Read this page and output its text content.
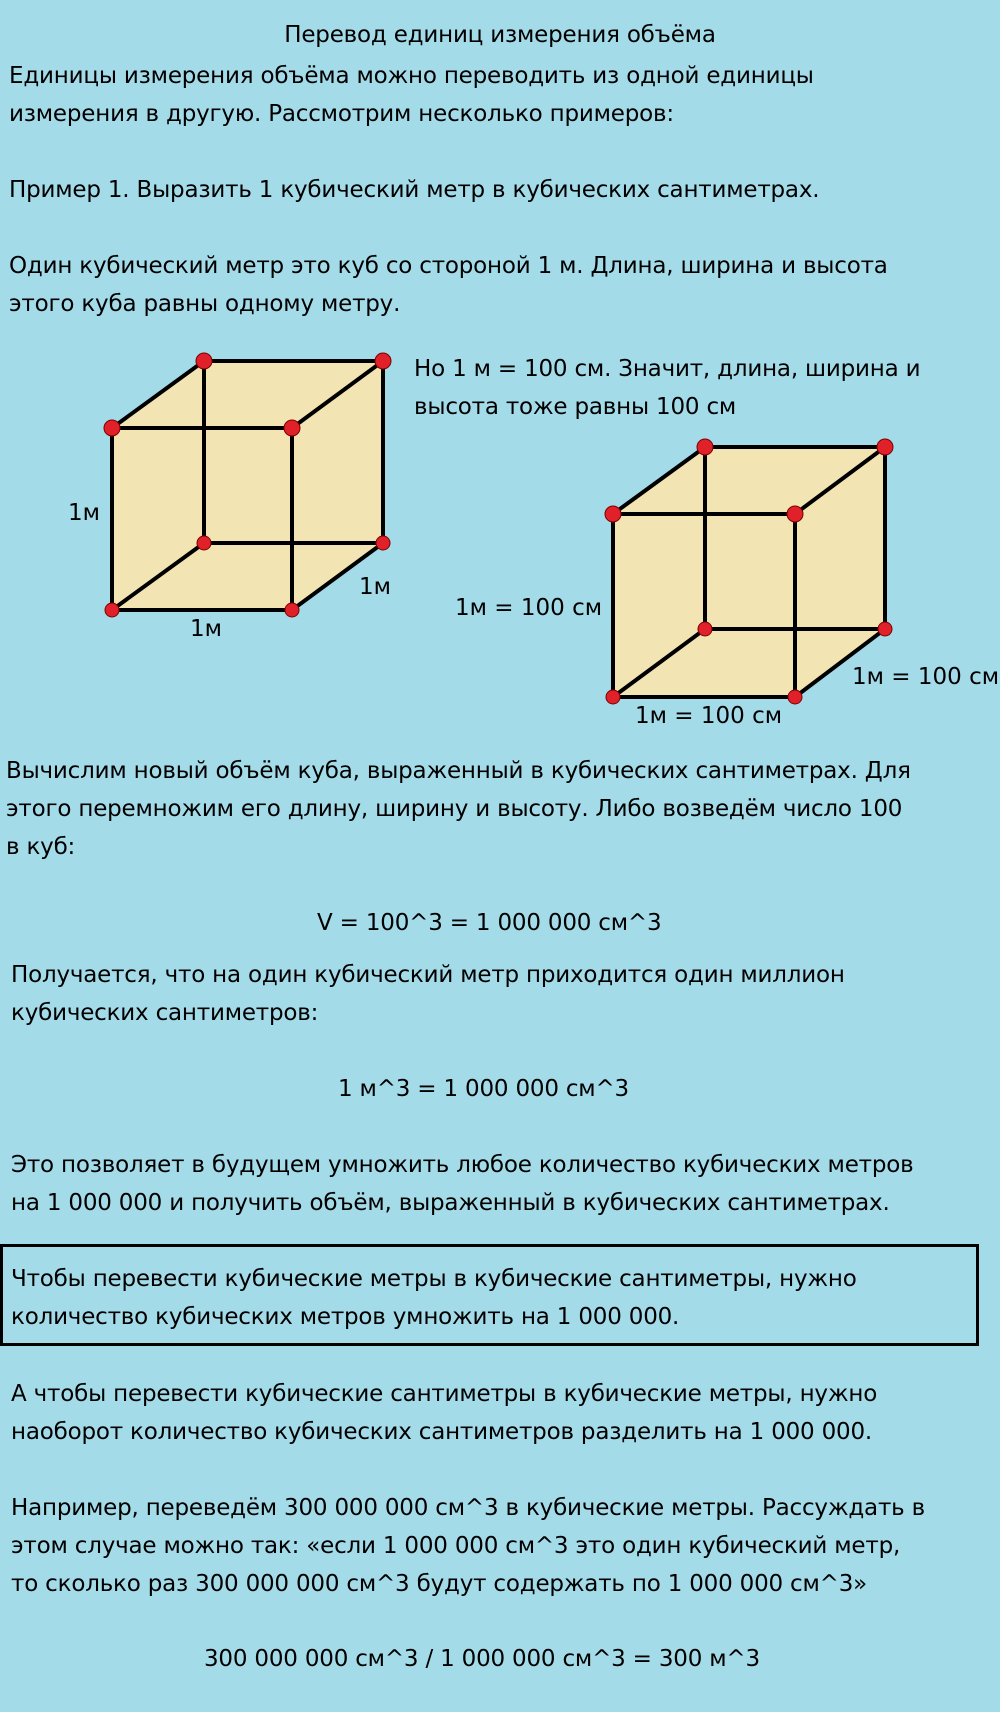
Перевод единиц измерения объёма
Единицы измерения объёма можно переводить из одной единицы
измерения в другую. Рассмотрим несколько примеров:
Пример 1. Выразить 1 кубический метр в кубических сантиметрах.
Один кубический метр это куб со стороной 1 м. Длина, ширина и высота
этого куба равны одному метру.
Но 1 м = 100 см. Значит, длина, ширина и
высота тоже равны 100 см
1м
1м
1м
1м = 100 см
1м = 100 см
1м = 100 см
Вычислим новый объём куба, выраженный в кубических сантиметрах. Для
этого перемножим его длину, ширину и высоту. Либо возведём число 100
в куб:
V = 100^3 = 1 000 000 см^3
Получается, что на один кубический метр приходится один миллион
кубических сантиметров:
1 м^3 = 1 000 000 см^3
Это позволяет в будущем умножить любое количество кубических метров
на 1 000 000 и получить объём, выраженный в кубических сантиметрах.
Чтобы перевести кубические метры в кубические сантиметры, нужно
количество кубических метров умножить на 1 000 000.
А чтобы перевести кубические сантиметры в кубические метры, нужно
наоборот количество кубических сантиметров разделить на 1 000 000.
Например, переведём 300 000 000 см^3 в кубические метры. Рассуждать в
этом случае можно так: «если 1 000 000 см^3 это один кубический метр,
то сколько раз 300 000 000 см^3 будут содержать по 1 000 000 см^3»
300 000 000 см^3 / 1 000 000 см^3 = 300 м^3
